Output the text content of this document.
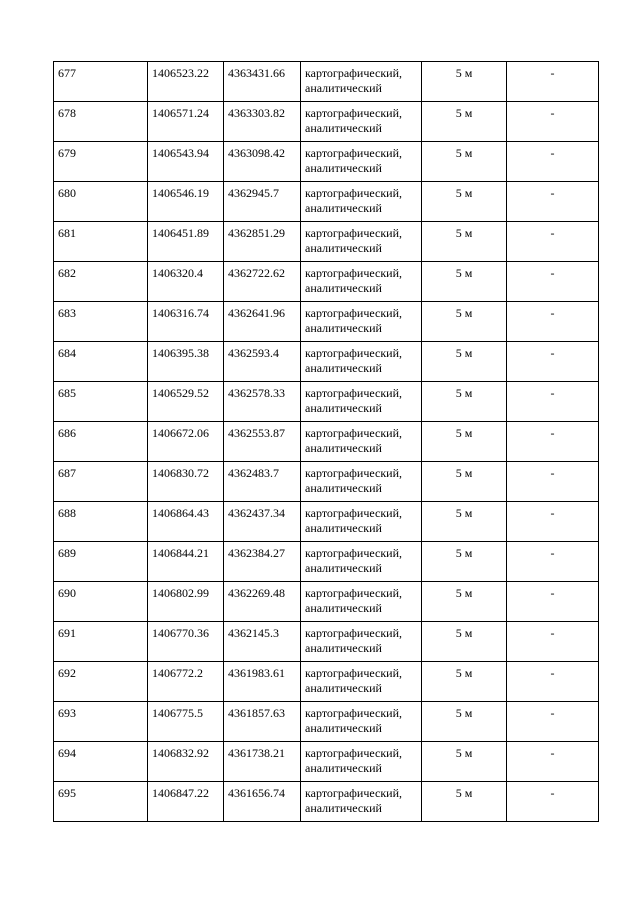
677	1406523.22	4363431.66	картографический,
аналитический	5 м	-
678	1406571.24	4363303.82	картографический,
аналитический	5 м	-
679	1406543.94	4363098.42	картографический,
аналитический	5 м	-
680	1406546.19	4362945.7	картографический,
аналитический	5 м	-
681	1406451.89	4362851.29	картографический,
аналитический	5 м	-
682	1406320.4	4362722.62	картографический,
аналитический	5 м	-
683	1406316.74	4362641.96	картографический,
аналитический	5 м	-
684	1406395.38	4362593.4	картографический,
аналитический	5 м	-
685	1406529.52	4362578.33	картографический,
аналитический	5 м	-
686	1406672.06	4362553.87	картографический,
аналитический	5 м	-
687	1406830.72	4362483.7	картографический,
аналитический	5 м	-
688	1406864.43	4362437.34	картографический,
аналитический	5 м	-
689	1406844.21	4362384.27	картографический,
аналитический	5 м	-
690	1406802.99	4362269.48	картографический,
аналитический	5 м	-
691	1406770.36	4362145.3	картографический,
аналитический	5 м	-
692	1406772.2	4361983.61	картографический,
аналитический	5 м	-
693	1406775.5	4361857.63	картографический,
аналитический	5 м	-
694	1406832.92	4361738.21	картографический,
аналитический	5 м	-
695	1406847.22	4361656.74	картографический,
аналитический	5 м	-
